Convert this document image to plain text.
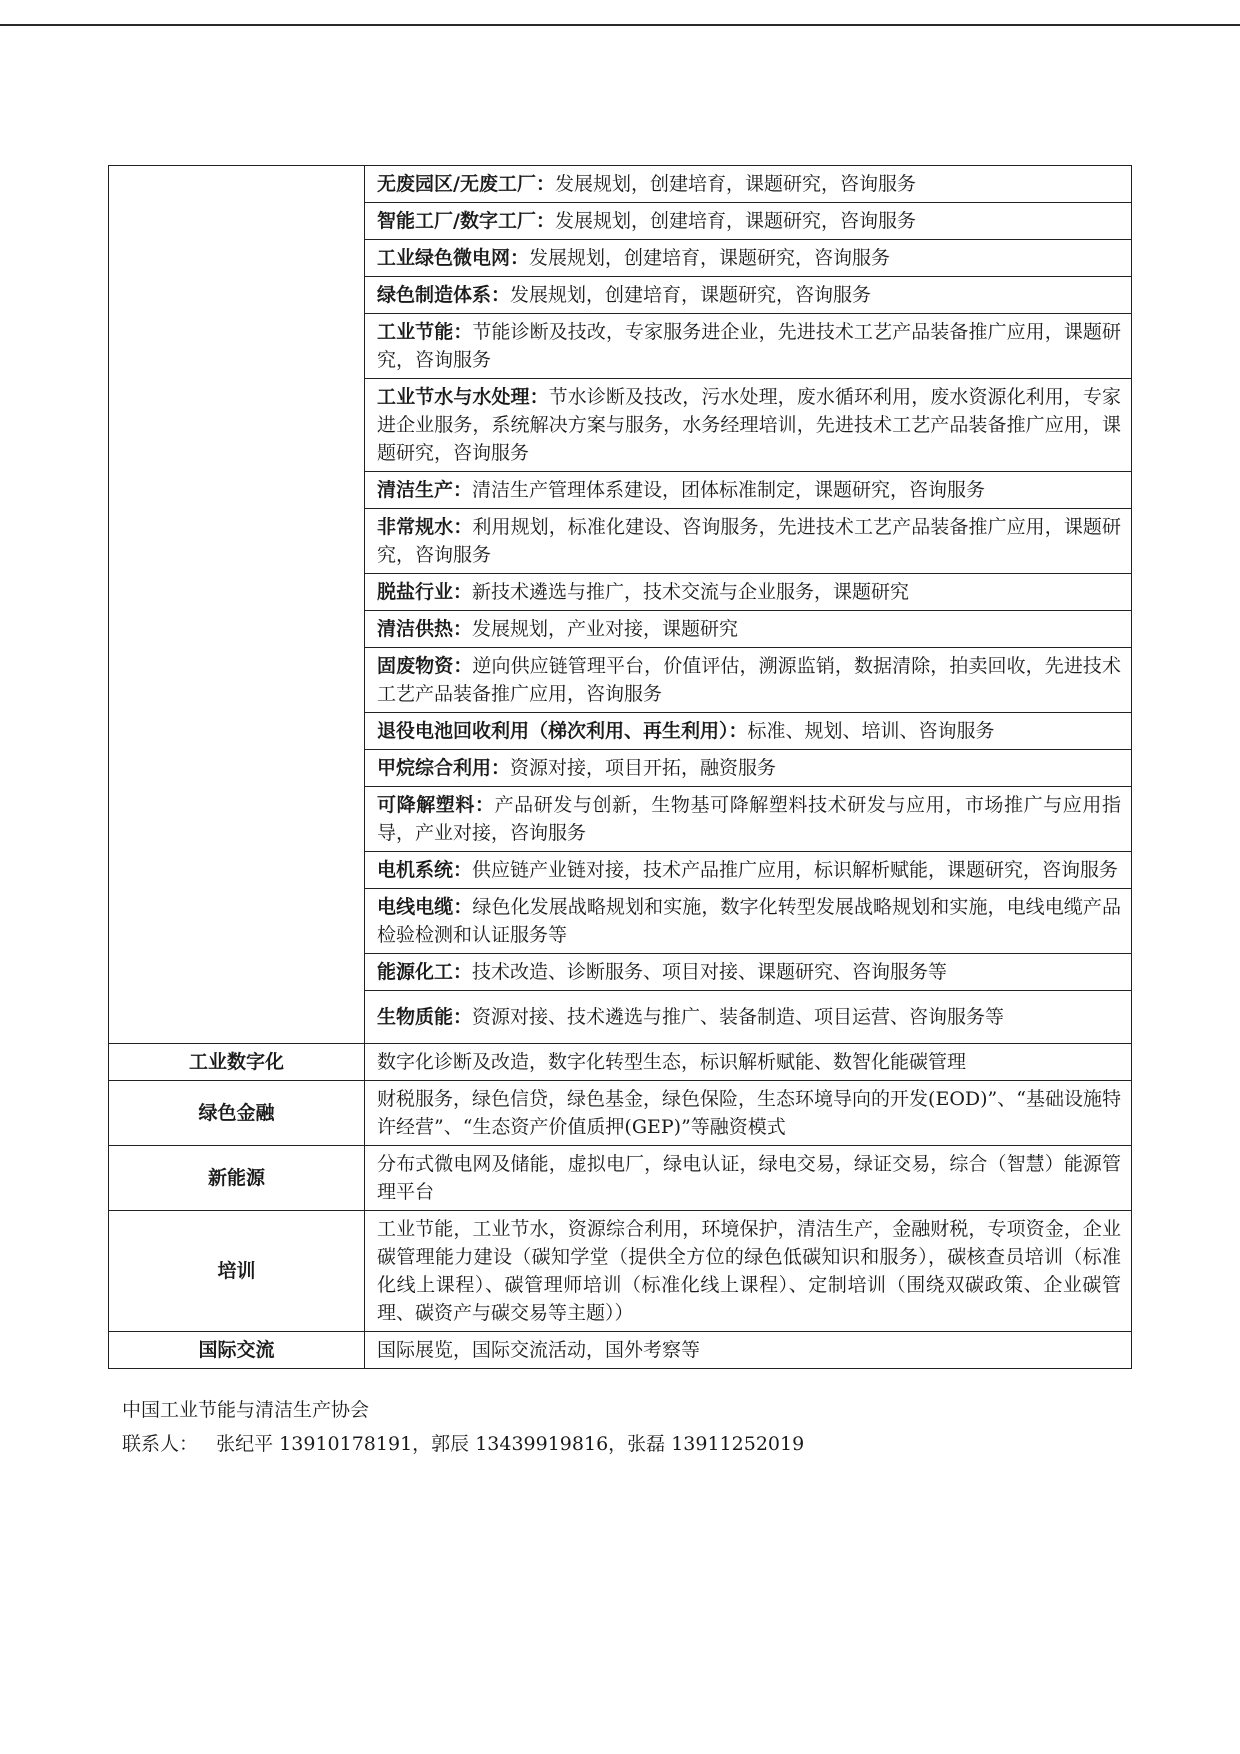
	无废园区/无废工厂：发展规划，创建培育，课题研究，咨询服务
	智能工厂/数字工厂：发展规划，创建培育，课题研究，咨询服务
	工业绿色微电网：发展规划，创建培育，课题研究，咨询服务
	绿色制造体系：发展规划，创建培育，课题研究，咨询服务
	工业节能：节能诊断及技改，专家服务进企业，先进技术工艺产品装备推广应用，课题研究，咨询服务
	工业节水与水处理：节水诊断及技改，污水处理，废水循环利用，废水资源化利用，专家进企业服务，系统解决方案与服务，水务经理培训，先进技术工艺产品装备推广应用，课题研究，咨询服务
	清洁生产：清洁生产管理体系建设，团体标准制定，课题研究，咨询服务
	非常规水：利用规划，标准化建设、咨询服务，先进技术工艺产品装备推广应用，课题研究，咨询服务
	脱盐行业：新技术遴选与推广，技术交流与企业服务，课题研究
	清洁供热：发展规划，产业对接，课题研究
	固废物资：逆向供应链管理平台，价值评估，溯源监销，数据清除，拍卖回收，先进技术工艺产品装备推广应用，咨询服务
	退役电池回收利用（梯次利用、再生利用）：标准、规划、培训、咨询服务
	甲烷综合利用：资源对接，项目开拓，融资服务
	可降解塑料：产品研发与创新，生物基可降解塑料技术研发与应用，市场推广与应用指导，产业对接，咨询服务
	电机系统：供应链产业链对接，技术产品推广应用，标识解析赋能，课题研究，咨询服务
	电线电缆：绿色化发展战略规划和实施，数字化转型发展战略规划和实施，电线电缆产品检验检测和认证服务等
	能源化工：技术改造、诊断服务、项目对接、课题研究、咨询服务等
	生物质能：资源对接、技术遴选与推广、装备制造、项目运营、咨询服务等
工业数字化	数字化诊断及改造，数字化转型生态，标识解析赋能、数智化能碳管理
绿色金融	财税服务，绿色信贷，绿色基金，绿色保险，生态环境导向的开发(EOD)”、“基础设施特许经营”、“生态资产价值质押(GEP)”等融资模式
新能源	分布式微电网及储能，虚拟电厂，绿电认证，绿电交易，绿证交易，综合（智慧）能源管理平台
培训	工业节能，工业节水，资源综合利用，环境保护，清洁生产，金融财税，专项资金，企业碳管理能力建设（碳知学堂（提供全方位的绿色低碳知识和服务），碳核查员培训（标准化线上课程）、碳管理师培训（标准化线上课程）、定制培训（围绕双碳政策、企业碳管理、碳资产与碳交易等主题））
国际交流	国际展览，国际交流活动，国外考察等
中国工业节能与清洁生产协会
联系人： 张纪平 13910178191，郭辰 13439919816，张磊 13911252019
